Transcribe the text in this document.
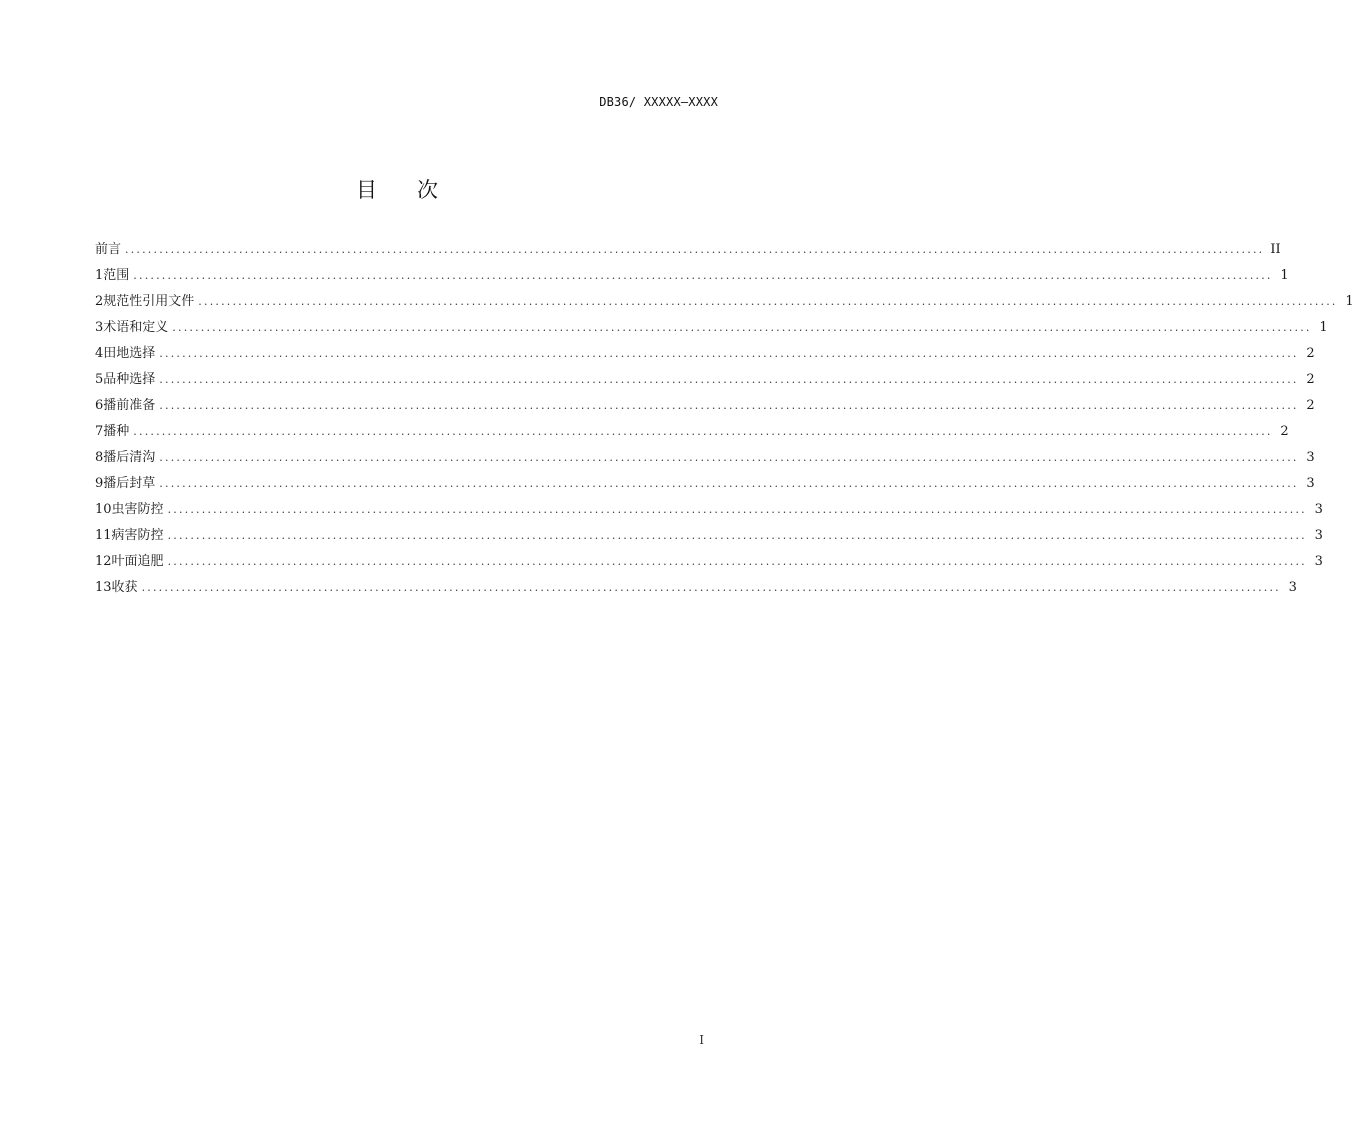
DB36/ XXXXX—XXXX
目次
前言 ........................................................................................................................................................................................................ II
1 范围 ........................................................................................................................................................................................................ 1
2 规范性引用文件 ........................................................................................................................................................................................................ 1
3 术语和定义 ........................................................................................................................................................................................................ 1
4 田地选择 ........................................................................................................................................................................................................ 2
5 品种选择 ........................................................................................................................................................................................................ 2
6 播前准备 ........................................................................................................................................................................................................ 2
7 播种 ........................................................................................................................................................................................................ 2
8 播后清沟 ........................................................................................................................................................................................................ 3
9 播后封草 ........................................................................................................................................................................................................ 3
10 虫害防控 ........................................................................................................................................................................................................ 3
11 病害防控 ........................................................................................................................................................................................................ 3
12 叶面追肥 ........................................................................................................................................................................................................ 3
13 收获 ........................................................................................................................................................................................................ 3
I
